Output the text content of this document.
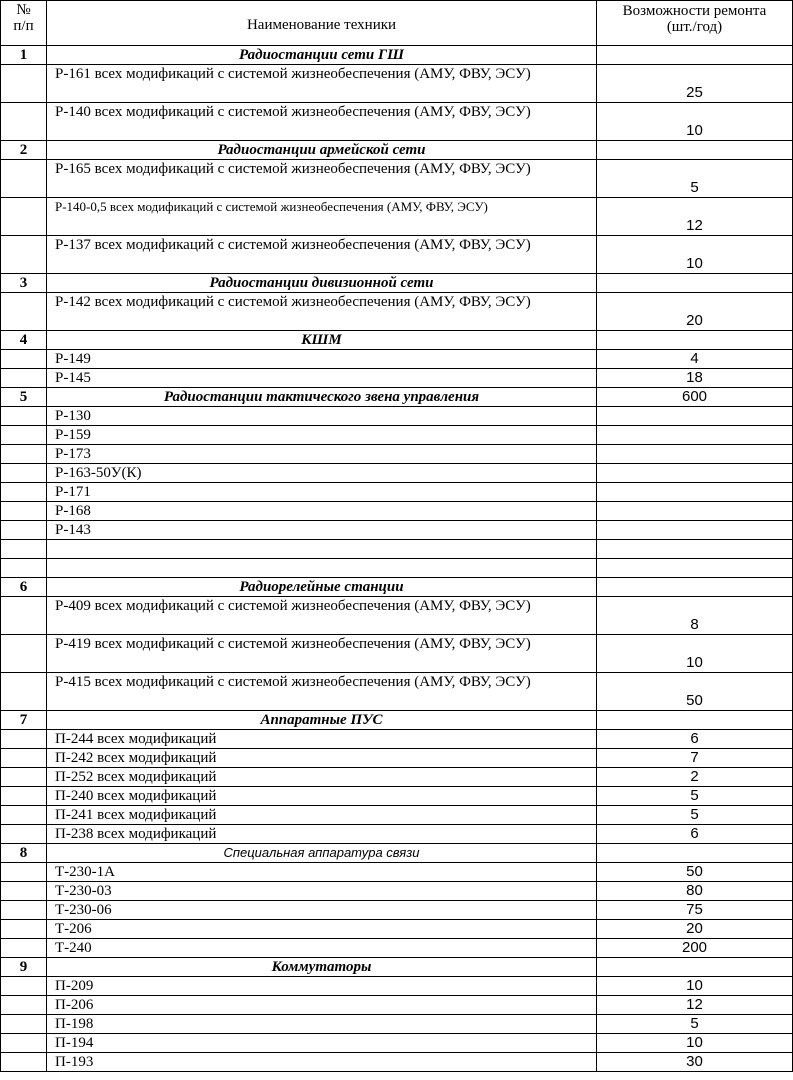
№
п/п	Наименование техники	Возможности ремонта
(шт./год)
1	Радиостанции сети ГШ	
	Р-161 всех модификаций с системой жизнеобеспечения (АМУ, ФВУ, ЭСУ)	25
	Р-140 всех модификаций с системой жизнеобеспечения (АМУ, ФВУ, ЭСУ)	10
2	Радиостанции армейской сети	
	Р-165 всех модификаций с системой жизнеобеспечения (АМУ, ФВУ, ЭСУ)	5
	Р-140-0,5 всех модификаций с системой жизнеобеспечения (АМУ, ФВУ, ЭСУ)	12
	Р-137 всех модификаций с системой жизнеобеспечения (АМУ, ФВУ, ЭСУ)	10
3	Радиостанции дивизионной сети	
	Р-142 всех модификаций с системой жизнеобеспечения (АМУ, ФВУ, ЭСУ)	20
4	КШМ	
	Р-149	4
	Р-145	18
5	Радиостанции тактического звена управления	600
	Р-130	
	Р-159	
	Р-173	
	Р-163-50У(К)	
	Р-171	
	Р-168	
	Р-143	

6	Радиорелейные станции	
	Р-409 всех модификаций с системой жизнеобеспечения (АМУ, ФВУ, ЭСУ)	8
	Р-419 всех модификаций с системой жизнеобеспечения (АМУ, ФВУ, ЭСУ)	10
	Р-415 всех модификаций с системой жизнеобеспечения (АМУ, ФВУ, ЭСУ)	50
7	Аппаратные ПУС	
	П-244 всех модификаций	6
	П-242 всех модификаций	7
	П-252 всех модификаций	2
	П-240 всех модификаций	5
	П-241 всех модификаций	5
	П-238 всех модификаций	6
8	Специальная аппаратура связи	
	Т-230-1А	50
	Т-230-03	80
	Т-230-06	75
	Т-206	20
	Т-240	200
9	Коммутаторы	
	П-209	10
	П-206	12
	П-198	5
	П-194	10
	П-193	30
